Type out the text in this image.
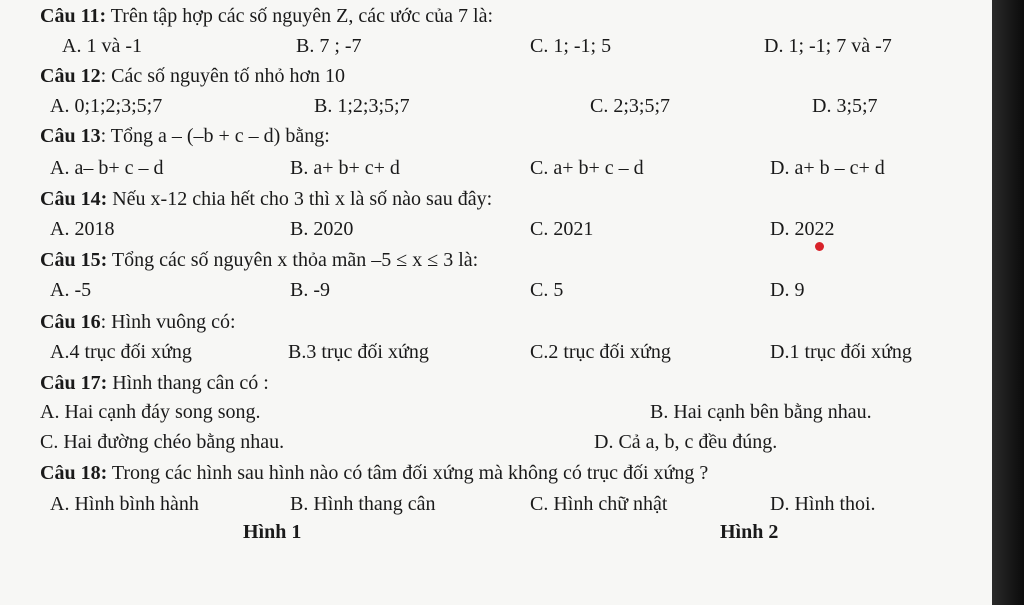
Câu 11: Trên tập hợp các số nguyên Z, các ước của 7 là:
A. 1 và -1	B. 7 ; -7	C. 1; -1; 5	D. 1; -1; 7 và -7
Câu 12: Các số nguyên tố nhỏ hơn 10
A. 0;1;2;3;5;7	B. 1;2;3;5;7	C. 2;3;5;7	D. 3;5;7
Câu 13: Tổng a – (–b + c – d) bằng:
A. a– b+ c – d	B. a+ b+ c+ d	C. a+ b+ c – d	D. a+ b – c+ d
Câu 14: Nếu x-12 chia hết cho 3 thì x là số nào sau đây:
A. 2018	B. 2020	C. 2021	D. 2022
Câu 15: Tổng các số nguyên x thỏa mãn –5 ≤ x ≤ 3 là:
A. -5	B. -9	C. 5	D. 9
Câu 16: Hình vuông có:
A.4 trục đối xứng	B.3 trục đối xứng	C.2 trục đối xứng	D.1 trục đối xứng
Câu 17: Hình thang cân có :
A. Hai cạnh đáy song song.	B. Hai cạnh bên bằng nhau.
C. Hai đường chéo bằng nhau.	D. Cả a, b, c đều đúng.
Câu 18: Trong các hình sau hình nào có tâm đối xứng mà không có trục đối xứng ?
A. Hình bình hành	B. Hình thang cân	C. Hình chữ nhật	D. Hình thoi.
Hình 1	Hình 2
